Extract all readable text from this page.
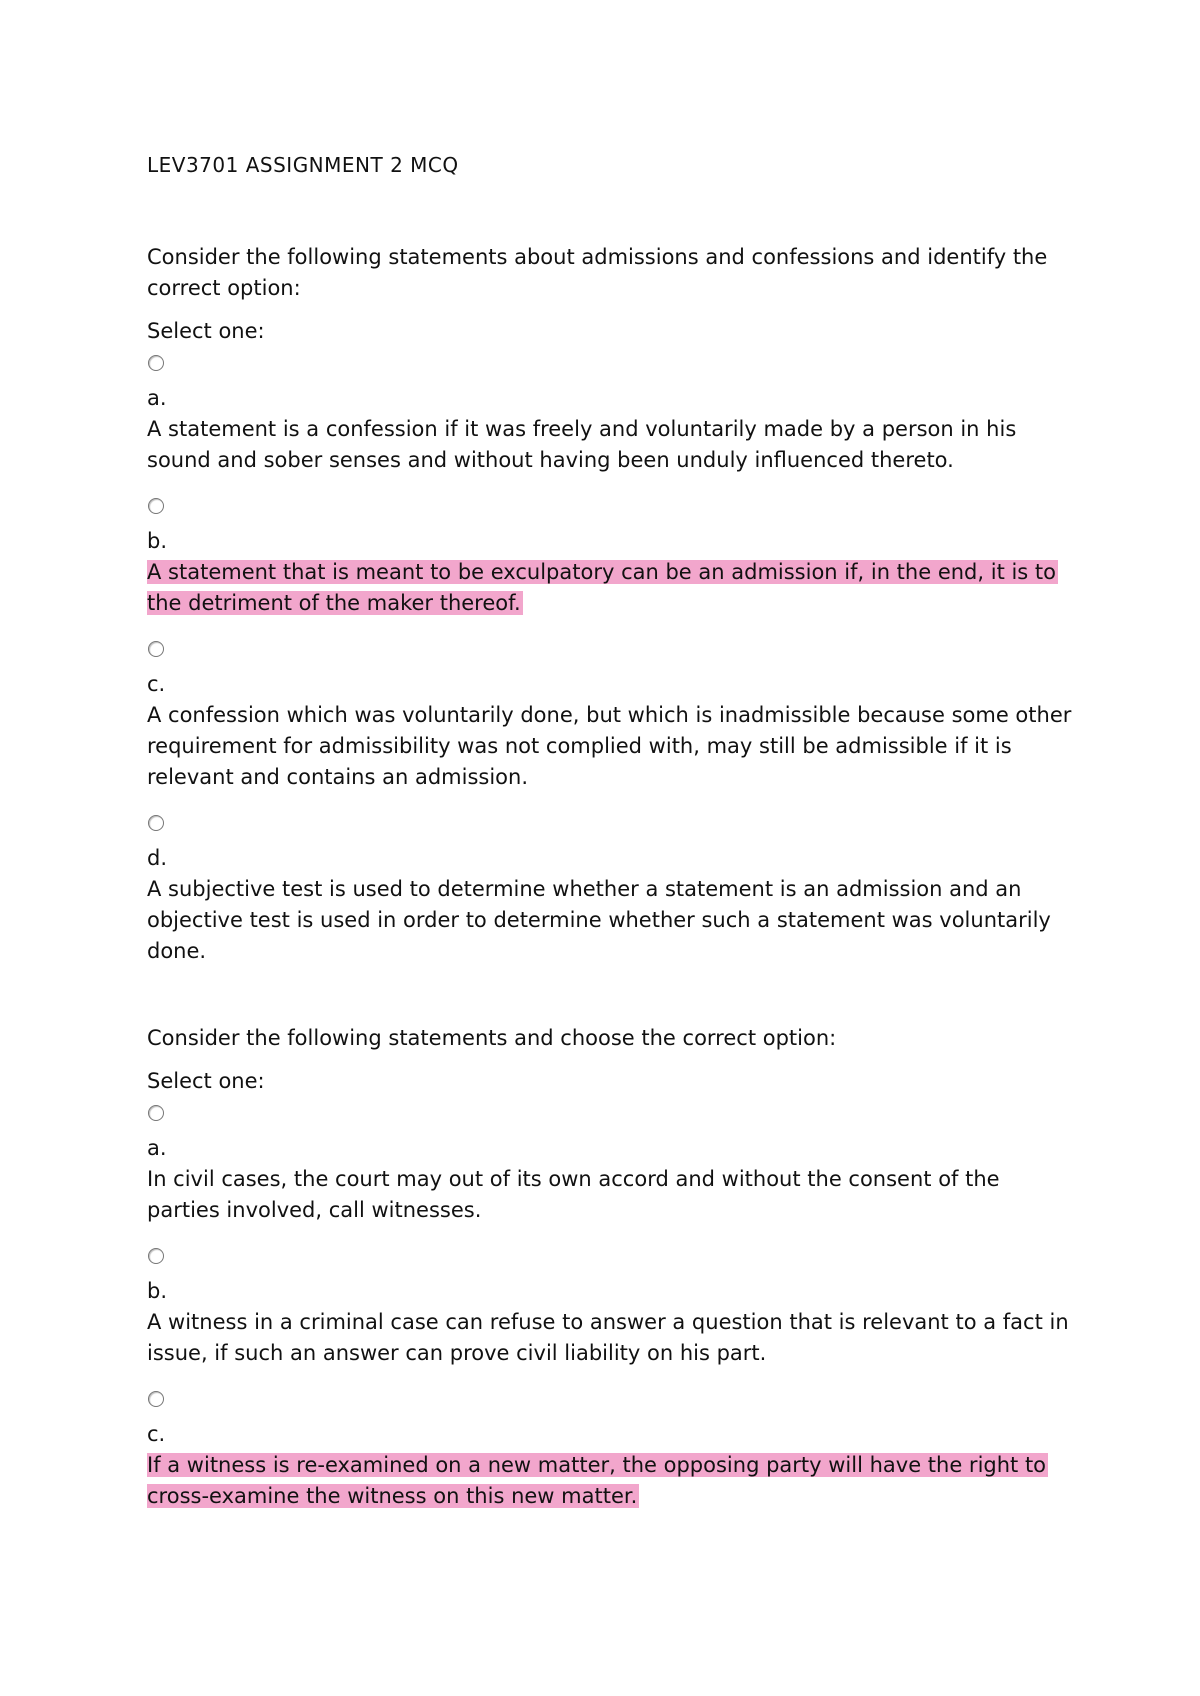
LEV3701 ASSIGNMENT 2 MCQ

Consider the following statements about admissions and confessions and identify the correct option:

Select one:

a.

A statement is a confession if it was freely and voluntarily made by a person in his sound and sober senses and without having been unduly influenced thereto.

b.

A statement that is meant to be exculpatory can be an admission if, in the end, it is to the detriment of the maker thereof.

c.

A confession which was voluntarily done, but which is inadmissible because some other requirement for admissibility was not complied with, may still be admissible if it is relevant and contains an admission.

d.

A subjective test is used to determine whether a statement is an admission and an objective test is used in order to determine whether such a statement was voluntarily done.

Consider the following statements and choose the correct option:

Select one:

a.

In civil cases, the court may out of its own accord and without the consent of the parties involved, call witnesses.

b.

A witness in a criminal case can refuse to answer a question that is relevant to a fact in issue, if such an answer can prove civil liability on his part.

c.

If a witness is re-examined on a new matter, the opposing party will have the right to cross-examine the witness on this new matter.
